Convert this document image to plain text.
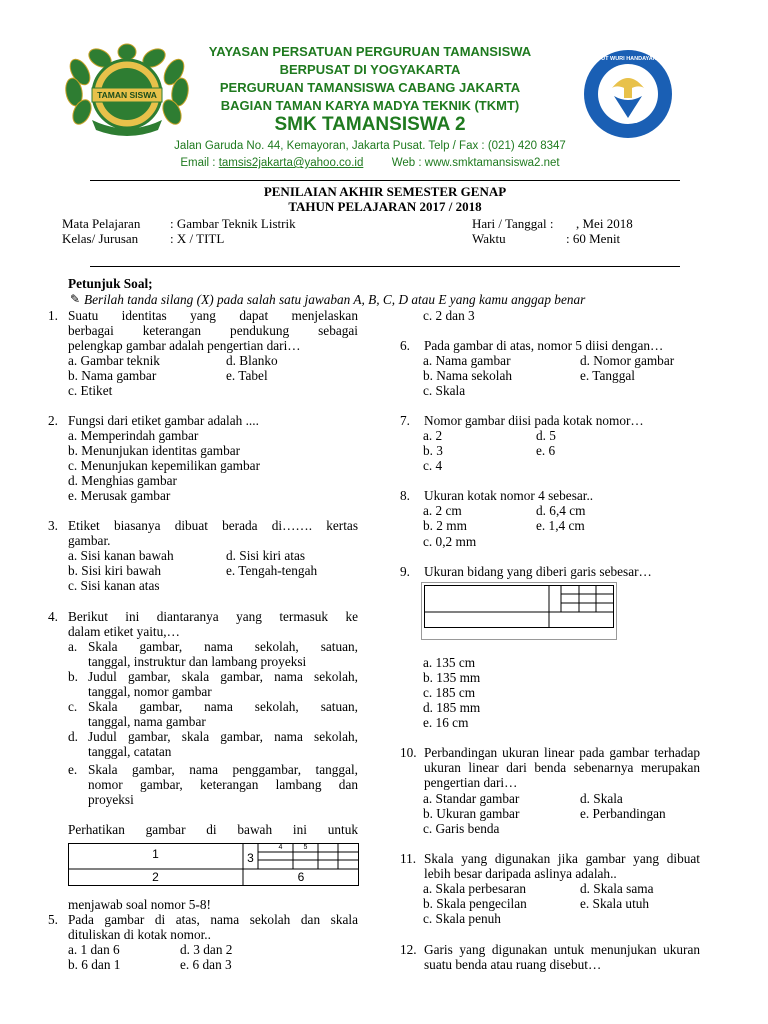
TAMAN SISWA
TUT WURI HANDAYANI
YAYASAN PERSATUAN PERGURUAN TAMANSISWA
BERPUSAT DI YOGYAKARTA
PERGURUAN TAMANSISWA CABANG JAKARTA
BAGIAN TAMAN KARYA MADYA TEKNIK (TKMT)
SMK TAMANSISWA 2
Jalan Garuda No. 44, Kemayoran, Jakarta Pusat. Telp / Fax : (021) 420 8347
Email : tamsis2jakarta@yahoo.co.id Web : www.smktamansiswa2.net
PENILAIAN AKHIR SEMESTER GENAP
TAHUN PELAJARAN 2017 / 2018
Mata Pelajaran : Gambar Teknik Listrik
Kelas/ Jurusan : X / TITL
Hari / Tanggal : , Mei 2018
Waktu	: 60 Menit
Petunjuk Soal;
✎ Berilah tanda silang (X) pada salah satu jawaban A, B, C, D atau E yang kamu anggap benar
1. Suatu identitas yang dapat menjelaskan
berbagai keterangan pendukung sebagai
pelengkap gambar adalah pengertian dari…
a. Gambar teknik
b. Nama gambar
c. Etiket
d. Blanko
e. Tabel
2. Fungsi dari etiket gambar adalah ....
a. Memperindah gambar
b. Menunjukan identitas gambar
c. Menunjukan kepemilikan gambar
d. Menghias gambar
e. Merusak gambar
3. Etiket biasanya dibuat berada di……. kertas
gambar.
a. Sisi kanan bawah
b. Sisi kiri bawah
c. Sisi kanan atas
d. Sisi kiri atas
e. Tengah-tengah
4. Berikut ini diantaranya yang termasuk ke
dalam etiket yaitu,…
a. Skala gambar, nama sekolah, satuan,
tanggal, instruktur dan lambang proyeksi
b. Judul gambar, skala gambar, nama sekolah,
tanggal, nomor gambar
c. Skala gambar, nama sekolah, satuan,
tanggal, nama gambar
d. Judul gambar, skala gambar, nama sekolah,
tanggal, catatan
e. Skala gambar, nama penggambar, tanggal,
nomor gambar, keterangan lambang dan
proyeksi
Perhatikan gambar di bawah ini untuk
1	3
4	5
2	6
menjawab soal nomor 5-8!
5. Pada gambar di atas, nama sekolah dan skala
dituliskan di kotak nomor..
a. 1 dan 6
b. 6 dan 1
d. 3 dan 2
e. 6 dan 3
c. 2 dan 3
6. Pada gambar di atas, nomor 5 diisi dengan…
a. Nama gambar
b. Nama sekolah
c. Skala
d. Nomor gambar
e. Tanggal
7. Nomor gambar diisi pada kotak nomor…
a. 2
b. 3
c. 4
d. 5
e. 6
8. Ukuran kotak nomor 4 sebesar..
a. 2 cm
b. 2 mm
c. 0,2 mm
d. 6,4 cm
e. 1,4 cm
9. Ukuran bidang yang diberi garis sebesar…
a. 135 cm
b. 135 mm
c. 185 cm
d. 185 mm
e. 16 cm
10. Perbandingan ukuran linear pada gambar terhadap
ukuran linear dari benda sebenarnya merupakan
pengertian dari…
a. Standar gambar
b. Ukuran gambar
c. Garis benda
d. Skala
e. Perbandingan
11. Skala yang digunakan jika gambar yang dibuat
lebih besar daripada aslinya adalah..
a. Skala perbesaran
b. Skala pengecilan
c. Skala penuh
d. Skala sama
e. Skala utuh
12. Garis yang digunakan untuk menunjukan ukuran
suatu benda atau ruang disebut…
